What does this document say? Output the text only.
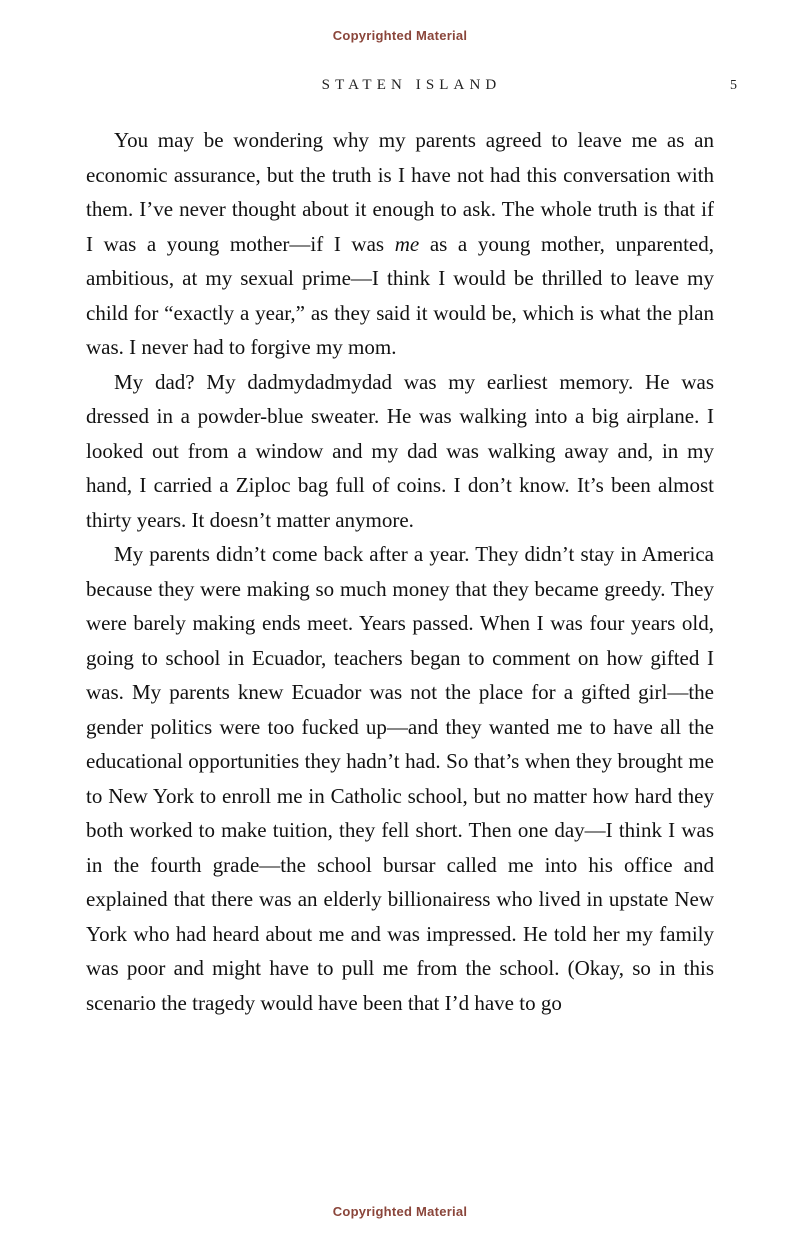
Copyrighted Material
STATEN ISLAND	5

You may be wondering why my parents agreed to leave me as an economic assurance, but the truth is I have not had this conversation with them. I’ve never thought about it enough to ask. The whole truth is that if I was a young mother—if I was me as a young mother, unparented, ambitious, at my sexual prime—I think I would be thrilled to leave my child for “exactly a year,” as they said it would be, which is what the plan was. I never had to forgive my mom.

My dad? My dadmydadmydad was my earliest memory. He was dressed in a powder-blue sweater. He was walking into a big airplane. I looked out from a window and my dad was walking away and, in my hand, I carried a Ziploc bag full of coins. I don’t know. It’s been almost thirty years. It doesn’t matter anymore.

My parents didn’t come back after a year. They didn’t stay in America because they were making so much money that they became greedy. They were barely making ends meet. Years passed. When I was four years old, going to school in Ecuador, teachers began to comment on how gifted I was. My parents knew Ecuador was not the place for a gifted girl—the gender politics were too fucked up—and they wanted me to have all the educational opportunities they hadn’t had. So that’s when they brought me to New York to enroll me in Catholic school, but no matter how hard they both worked to make tuition, they fell short. Then one day—I think I was in the fourth grade—the school bursar called me into his office and explained that there was an elderly billionairess who lived in upstate New York who had heard about me and was impressed. He told her my family was poor and might have to pull me from the school. (Okay, so in this scenario the tragedy would have been that I’d have to go

Copyrighted Material
